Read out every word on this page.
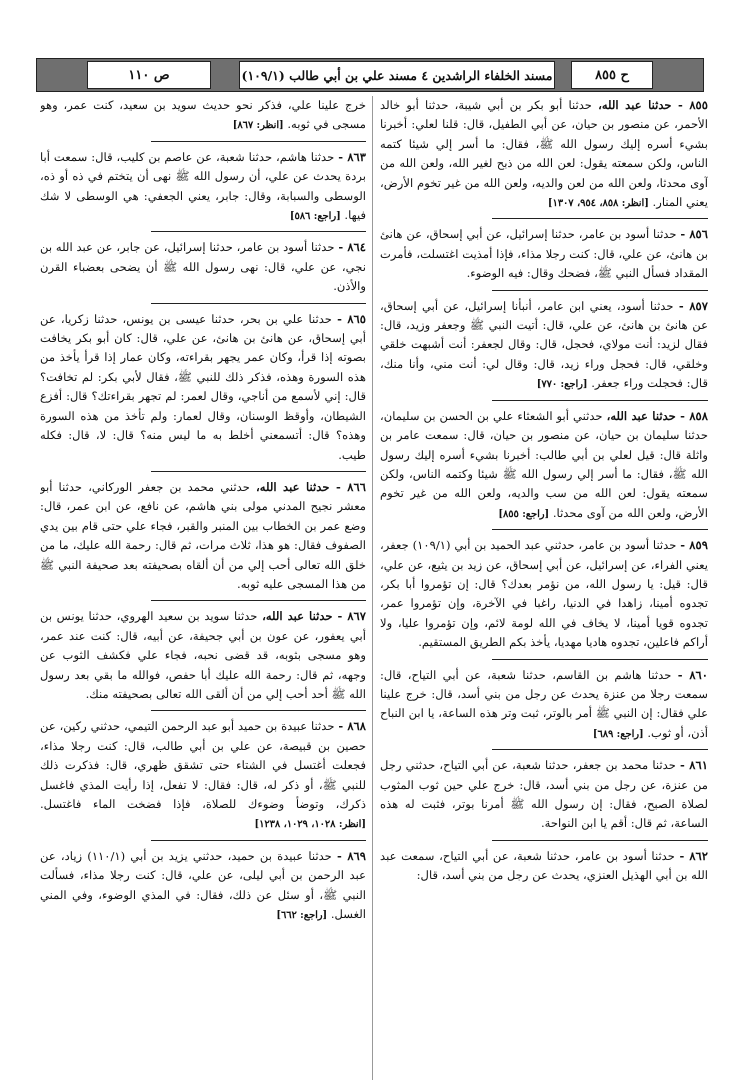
ص ١١٠	مسند الخلفاء الراشدين ٤ مسند علي بن أبي طالب (١٠٩/١)	ح ٨٥٥
٨٥٥ - حدثنا عبد الله، حدثنا أبو بكر بن أبي شيبة، حدثنا أبو خالد الأحمر، عن منصور بن حيان، عن أبي الطفيل، قال: قلنا لعلي: أخبرنا بشيء أسره إليك رسول الله ﷺ، فقال: ما أسر إلي شيئا كتمه الناس، ولكن سمعته يقول: لعن الله من ذبح لغير الله، ولعن الله من آوى محدثا، ولعن الله من لعن والديه، ولعن الله من غير تخوم الأرض، يعني المنار. [انظر: ٨٥٨، ٩٥٤، ١٣٠٧]
٨٥٦ - حدثنا أسود بن عامر، حدثنا إسرائيل، عن أبي إسحاق، عن هانئ بن هانئ، عن علي، قال: كنت رجلا مذاء، فإذا أمذيت اغتسلت، فأمرت المقداد فسأل النبي ﷺ، فضحك وقال: فيه الوضوء.
٨٥٧ - حدثنا أسود، يعني ابن عامر، أنبأنا إسرائيل، عن أبي إسحاق، عن هانئ بن هانئ، عن علي، قال: أتيت النبي ﷺ وجعفر وزيد، قال: فقال لزيد: أنت مولاي، فحجل، قال: وقال لجعفر: أنت أشبهت خلقي وخلقي، قال: فحجل وراء زيد، قال: وقال لي: أنت مني، وأنا منك، قال: فحجلت وراء جعفر. [راجع: ٧٧٠]
٨٥٨ - حدثنا عبد الله، حدثني أبو الشعثاء علي بن الحسن بن سليمان، حدثنا سليمان بن حيان، عن منصور بن حيان، قال: سمعت عامر بن واثلة قال: قيل لعلي بن أبي طالب: أخبرنا بشيء أسره إليك رسول الله ﷺ، فقال: ما أسر إلي رسول الله ﷺ شيئا وكتمه الناس، ولكن سمعته يقول: لعن الله من سب والديه، ولعن الله من غير تخوم الأرض، ولعن الله من آوى محدثا. [راجع: ٨٥٥]
٨٥٩ - حدثنا أسود بن عامر، حدثني عبد الحميد بن أبي (١٠٩/١) جعفر، يعني الفراء، عن إسرائيل، عن أبي إسحاق، عن زيد بن يثيع، عن علي، قال: قيل: يا رسول الله، من نؤمر بعدك؟ قال: إن تؤمروا أبا بكر، تجدوه أمينا، زاهدا في الدنيا، راغبا في الآخرة، وإن تؤمروا عمر، تجدوه قويا أمينا، لا يخاف في الله لومة لائم، وإن تؤمروا عليا، ولا أراكم فاعلين، تجدوه هاديا مهديا، يأخذ بكم الطريق المستقيم.
٨٦٠ - حدثنا هاشم بن القاسم، حدثنا شعبة، عن أبي التياح، قال: سمعت رجلا من عنزة يحدث عن رجل من بني أسد، قال: خرج علينا علي فقال: إن النبي ﷺ أمر بالوتر، ثبت وتر هذه الساعة، يا ابن النباح أذن، أو ثوب. [راجع: ٦٨٩]
٨٦١ - حدثنا محمد بن جعفر، حدثنا شعبة، عن أبي التياح، حدثني رجل من عنزة، عن رجل من بني أسد، قال: خرج علي حين ثوب المثوب لصلاة الصبح، فقال: إن رسول الله ﷺ أمرنا بوتر، فثبت له هذه الساعة، ثم قال: أقم يا ابن النواحة.
٨٦٢ - حدثنا أسود بن عامر، حدثنا شعبة، عن أبي التياح، سمعت عبد الله بن أبي الهذيل العنزي، يحدث عن رجل من بني أسد، قال:
خرج علينا علي، فذكر نحو حديث سويد بن سعيد، كنت عمر، وهو مسجى في ثوبه. [انظر: ٨٦٧]
٨٦٣ - حدثنا هاشم، حدثنا شعبة، عن عاصم بن كليب، قال: سمعت أبا بردة يحدث عن علي، أن رسول الله ﷺ نهى أن يتختم في ذه أو ذه، الوسطى والسبابة، وقال: جابر، يعني الجعفي: هي الوسطى لا شك فيها. [راجع: ٥٨٦]
٨٦٤ - حدثنا أسود بن عامر، حدثنا إسرائيل، عن جابر، عن عبد الله بن نجي، عن علي، قال: نهى رسول الله ﷺ أن يضحى بعضباء القرن والأذن.
٨٦٥ - حدثنا علي بن بحر، حدثنا عيسى بن يونس، حدثنا زكريا، عن أبي إسحاق، عن هانئ بن هانئ، عن علي، قال: كان أبو بكر يخافت بصوته إذا قرأ، وكان عمر يجهر بقراءته، وكان عمار إذا قرأ يأخذ من هذه السورة وهذه، فذكر ذلك للنبي ﷺ، فقال لأبي بكر: لم تخافت؟ قال: إني لأسمع من أناجي، وقال لعمر: لم تجهر بقراءتك؟ قال: أفزع الشيطان، وأوقظ الوسنان، وقال لعمار: ولم تأخذ من هذه السورة وهذه؟ قال: أتسمعني أخلط به ما ليس منه؟ قال: لا، قال: فكله طيب.
٨٦٦ - حدثنا عبد الله، حدثني محمد بن جعفر الوركاني، حدثنا أبو معشر نجيح المدني مولى بني هاشم، عن نافع، عن ابن عمر، قال: وضع عمر بن الخطاب بين المنبر والقبر، فجاء علي حتى قام بين يدي الصفوف فقال: هو هذا، ثلاث مرات، ثم قال: رحمة الله عليك، ما من خلق الله تعالى أحب إلي من أن ألقاه بصحيفته بعد صحيفة النبي ﷺ من هذا المسجى عليه ثوبه.
٨٦٧ - حدثنا عبد الله، حدثنا سويد بن سعيد الهروي، حدثنا يونس بن أبي يعفور، عن عون بن أبي جحيفة، عن أبيه، قال: كنت عند عمر، وهو مسجى بثوبه، قد قضى نحبه، فجاء علي فكشف الثوب عن وجهه، ثم قال: رحمة الله عليك أبا حفص، فوالله ما بقي بعد رسول الله ﷺ أحد أحب إلي من أن ألقى الله تعالى بصحيفته منك.
٨٦٨ - حدثنا عبيدة بن حميد أبو عبد الرحمن التيمي، حدثني ركين، عن حصين بن قبيصة، عن علي بن أبي طالب، قال: كنت رجلا مذاء، فجعلت أغتسل في الشتاء حتى تشقق ظهري، قال: فذكرت ذلك للنبي ﷺ، أو ذكر له، قال: فقال: لا تفعل، إذا رأيت المذي فاغسل ذكرك، وتوضأ وضوءك للصلاة، فإذا فضخت الماء فاغتسل. [انظر: ١٠٢٨، ١٠٢٩، ١٢٣٨]
٨٦٩ - حدثنا عبيدة بن حميد، حدثني يزيد بن أبي (١١٠/١) زياد، عن عبد الرحمن بن أبي ليلى، عن علي، قال: كنت رجلا مذاء، فسألت النبي ﷺ، أو سئل عن ذلك، فقال: في المذي الوضوء، وفي المني الغسل. [راجع: ٦٦٢]
